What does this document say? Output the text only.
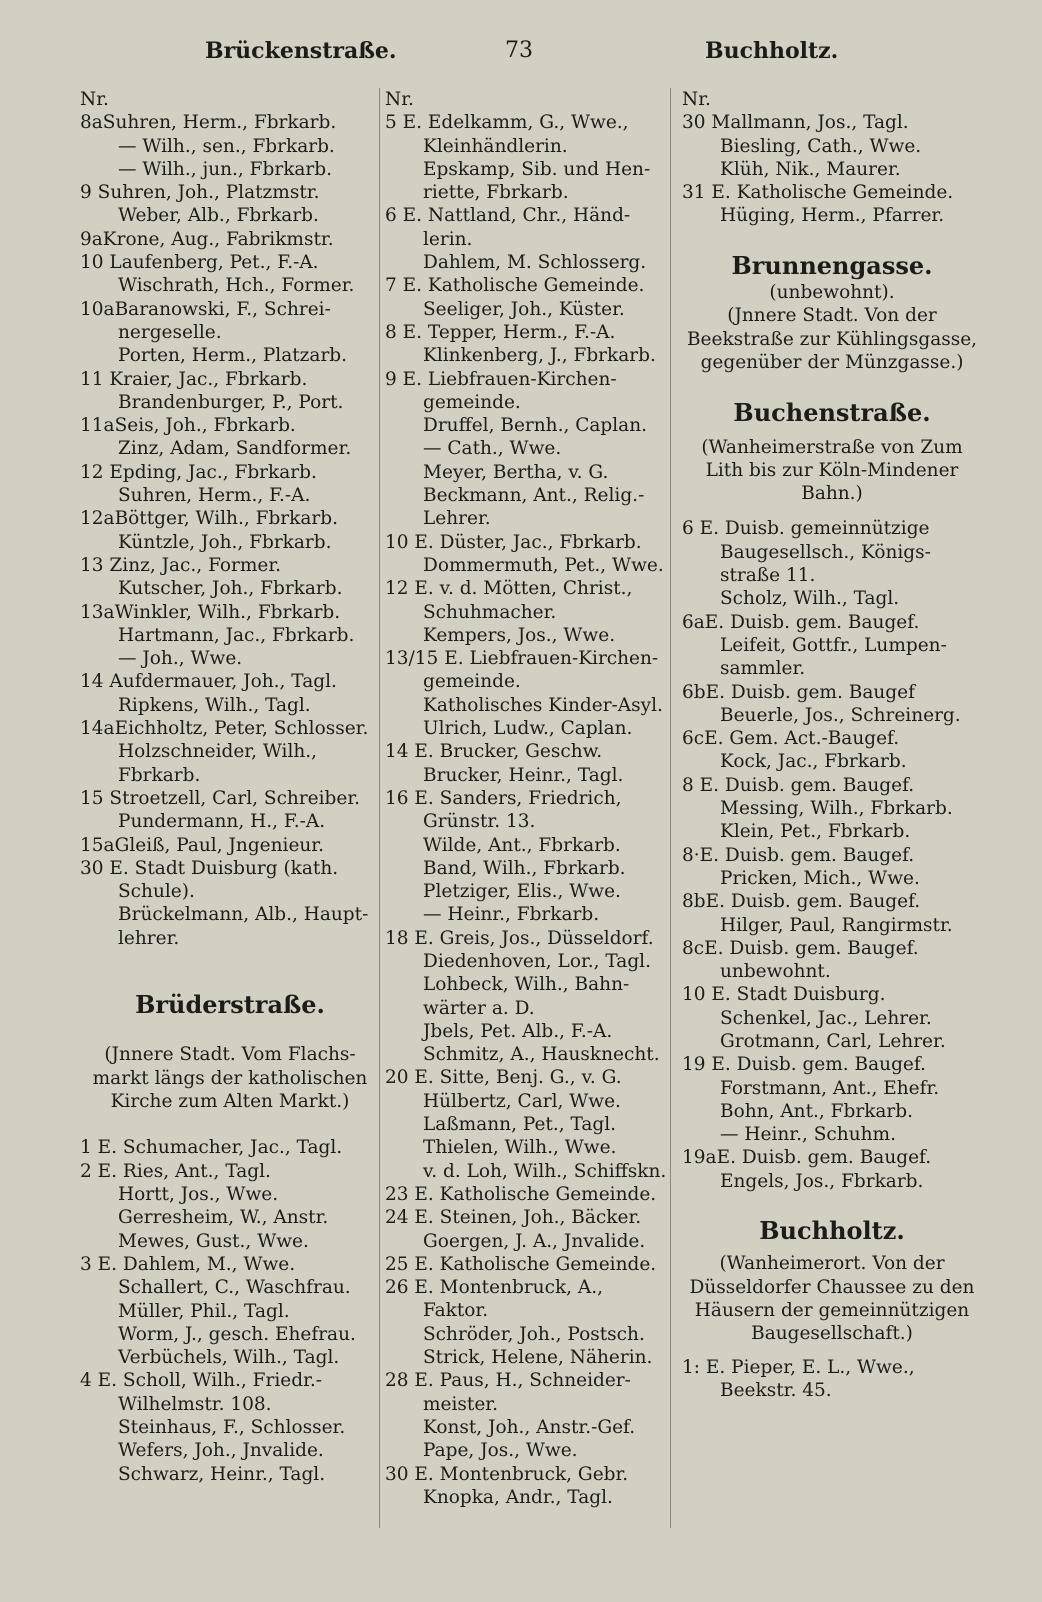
Brückenstraße.	73	Buchholtz.
Nr.
8aSuhren, Herm., Fbrkarb.
— Wilh., sen., Fbrkarb.
— Wilh., jun., Fbrkarb.
9 Suhren, Joh., Platzmstr.
Weber, Alb., Fbrkarb.
9aKrone, Aug., Fabrikmstr.
10 Laufenberg, Pet., F.-A.
Wischrath, Hch., Former.
10aBaranowski, F., Schrei-
nergeselle.
Porten, Herm., Platzarb.
11 Kraier, Jac., Fbrkarb.
Brandenburger, P., Port.
11aSeis, Joh., Fbrkarb.
Zinz, Adam, Sandformer.
12 Epding, Jac., Fbrkarb.
Suhren, Herm., F.-A.
12aBöttger, Wilh., Fbrkarb.
Küntzle, Joh., Fbrkarb.
13 Zinz, Jac., Former.
Kutscher, Joh., Fbrkarb.
13aWinkler, Wilh., Fbrkarb.
Hartmann, Jac., Fbrkarb.
— Joh., Wwe.
14 Aufdermauer, Joh., Tagl.
Ripkens, Wilh., Tagl.
14aEichholtz, Peter, Schlosser.
Holzschneider, Wilh.,
Fbrkarb.
15 Stroetzell, Carl, Schreiber.
Pundermann, H., F.-A.
15aGleiß, Paul, Jngenieur.
30 E. Stadt Duisburg (kath.
Schule).
Brückelmann, Alb., Haupt-
lehrer.
Brüderstraße.
(Jnnere Stadt. Vom Flachs-
markt längs der katholischen
Kirche zum Alten Markt.)
1 E. Schumacher, Jac., Tagl.
2 E. Ries, Ant., Tagl.
Hortt, Jos., Wwe.
Gerresheim, W., Anstr.
Mewes, Gust., Wwe.
3 E. Dahlem, M., Wwe.
Schallert, C., Waschfrau.
Müller, Phil., Tagl.
Worm, J., gesch. Ehefrau.
Verbüchels, Wilh., Tagl.
4 E. Scholl, Wilh., Friedr.-
Wilhelmstr. 108.
Steinhaus, F., Schlosser.
Wefers, Joh., Jnvalide.
Schwarz, Heinr., Tagl.
Nr.
5 E. Edelkamm, G., Wwe.,
Kleinhändlerin.
Epskamp, Sib. und Hen-
riette, Fbrkarb.
6 E. Nattland, Chr., Händ-
lerin.
Dahlem, M. Schlosserg.
7 E. Katholische Gemeinde.
Seeliger, Joh., Küster.
8 E. Tepper, Herm., F.-A.
Klinkenberg, J., Fbrkarb.
9 E. Liebfrauen-Kirchen-
gemeinde.
Druffel, Bernh., Caplan.
— Cath., Wwe.
Meyer, Bertha, v. G.
Beckmann, Ant., Relig.-
Lehrer.
10 E. Düster, Jac., Fbrkarb.
Dommermuth, Pet., Wwe.
12 E. v. d. Mötten, Christ.,
Schuhmacher.
Kempers, Jos., Wwe.
13/15 E. Liebfrauen-Kirchen-
gemeinde.
Katholisches Kinder-Asyl.
Ulrich, Ludw., Caplan.
14 E. Brucker, Geschw.
Brucker, Heinr., Tagl.
16 E. Sanders, Friedrich,
Grünstr. 13.
Wilde, Ant., Fbrkarb.
Band, Wilh., Fbrkarb.
Pletziger, Elis., Wwe.
— Heinr., Fbrkarb.
18 E. Greis, Jos., Düsseldorf.
Diedenhoven, Lor., Tagl.
Lohbeck, Wilh., Bahn-
wärter a. D.
Jbels, Pet. Alb., F.-A.
Schmitz, A., Hausknecht.
20 E. Sitte, Benj. G., v. G.
Hülbertz, Carl, Wwe.
Laßmann, Pet., Tagl.
Thielen, Wilh., Wwe.
v. d. Loh, Wilh., Schiffskn.
23 E. Katholische Gemeinde.
24 E. Steinen, Joh., Bäcker.
Goergen, J. A., Jnvalide.
25 E. Katholische Gemeinde.
26 E. Montenbruck, A.,
Faktor.
Schröder, Joh., Postsch.
Strick, Helene, Näherin.
28 E. Paus, H., Schneider-
meister.
Konst, Joh., Anstr.-Gef.
Pape, Jos., Wwe.
30 E. Montenbruck, Gebr.
Knopka, Andr., Tagl.
Nr.
30 Mallmann, Jos., Tagl.
Biesling, Cath., Wwe.
Klüh, Nik., Maurer.
31 E. Katholische Gemeinde.
Hüging, Herm., Pfarrer.
Brunnengasse.
(unbewohnt).
(Jnnere Stadt. Von der
Beekstraße zur Kühlingsgasse,
gegenüber der Münzgasse.)
Buchenstraße.
(Wanheimerstraße von Zum
Lith bis zur Köln-Mindener
Bahn.)
6 E. Duisb. gemeinnützige
Baugesellsch., Königs-
straße 11.
Scholz, Wilh., Tagl.
6aE. Duisb. gem. Baugef.
Leifeit, Gottfr., Lumpen-
sammler.
6bE. Duisb. gem. Baugef
Beuerle, Jos., Schreinerg.
6cE. Gem. Act.-Baugef.
Kock, Jac., Fbrkarb.
8 E. Duisb. gem. Baugef.
Messing, Wilh., Fbrkarb.
Klein, Pet., Fbrkarb.
8·E. Duisb. gem. Baugef.
Pricken, Mich., Wwe.
8bE. Duisb. gem. Baugef.
Hilger, Paul, Rangirmstr.
8cE. Duisb. gem. Baugef.
unbewohnt.
10 E. Stadt Duisburg.
Schenkel, Jac., Lehrer.
Grotmann, Carl, Lehrer.
19 E. Duisb. gem. Baugef.
Forstmann, Ant., Ehefr.
Bohn, Ant., Fbrkarb.
— Heinr., Schuhm.
19aE. Duisb. gem. Baugef.
Engels, Jos., Fbrkarb.
Buchholtz.
(Wanheimerort. Von der
Düsseldorfer Chaussee zu den
Häusern der gemeinnützigen
Baugesellschaft.)
1: E. Pieper, E. L., Wwe.,
Beekstr. 45.
